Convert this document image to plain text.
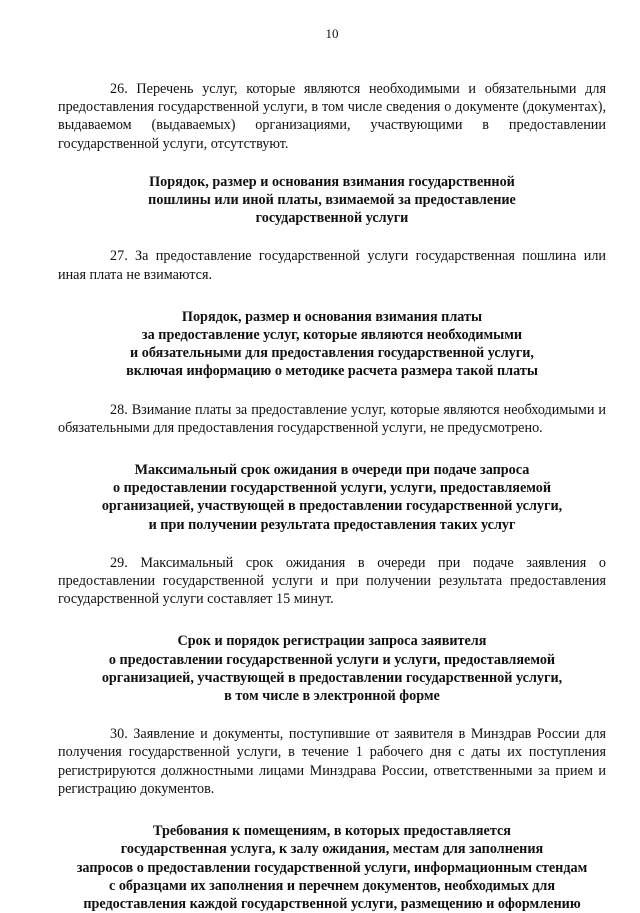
10

26. Перечень услуг, которые являются необходимыми и обязательными для предоставления государственной услуги, в том числе сведения о документе (документах), выдаваемом (выдаваемых) организациями, участвующими в предоставлении государственной услуги, отсутствуют.

Порядок, размер и основания взимания государственной
пошлины или иной платы, взимаемой за предоставление
государственной услуги

27. За предоставление государственной услуги государственная пошлина или иная плата не взимаются.

Порядок, размер и основания взимания платы
за предоставление услуг, которые являются необходимыми
и обязательными для предоставления государственной услуги,
включая информацию о методике расчета размера такой платы

28. Взимание платы за предоставление услуг, которые являются необходимыми и обязательными для предоставления государственной услуги, не предусмотрено.

Максимальный срок ожидания в очереди при подаче запроса
о предоставлении государственной услуги, услуги, предоставляемой
организацией, участвующей в предоставлении государственной услуги,
и при получении результата предоставления таких услуг

29. Максимальный срок ожидания в очереди при подаче заявления о предоставлении государственной услуги и при получении результата предоставления государственной услуги составляет 15 минут.

Срок и порядок регистрации запроса заявителя
о предоставлении государственной услуги и услуги, предоставляемой
организацией, участвующей в предоставлении государственной услуги,
в том числе в электронной форме

30. Заявление и документы, поступившие от заявителя в Минздрав России для получения государственной услуги, в течение 1 рабочего дня с даты их поступления регистрируются должностными лицами Минздрава России, ответственными за прием и регистрацию документов.

Требования к помещениям, в которых предоставляется
государственная услуга, к залу ожидания, местам для заполнения
запросов о предоставлении государственной услуги, информационным стендам
с образцами их заполнения и перечнем документов, необходимых для
предоставления каждой государственной услуги, размещению и оформлению
